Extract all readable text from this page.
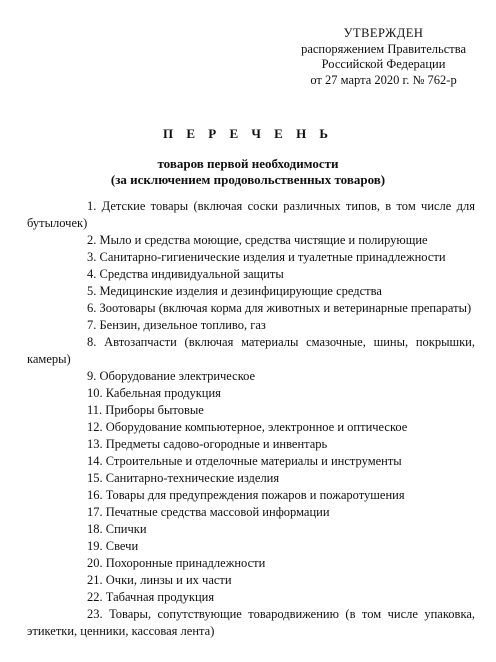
УТВЕРЖДЕН
распоряжением Правительства
Российской Федерации
от 27 марта 2020 г. № 762-р
П Е Р Е Ч Е Н Ь
товаров первой необходимости
(за исключением продовольственных товаров)
1. Детские товары (включая соски различных типов, в том числе для бутылочек)
2. Мыло и средства моющие, средства чистящие и полирующие
3. Санитарно-гигиенические изделия и туалетные принадлежности
4. Средства индивидуальной защиты
5. Медицинские изделия и дезинфицирующие средства
6. Зоотовары (включая корма для животных и ветеринарные препараты)
7. Бензин, дизельное топливо, газ
8. Автозапчасти (включая материалы смазочные, шины, покрышки, камеры)
9. Оборудование электрическое
10. Кабельная продукция
11. Приборы бытовые
12. Оборудование компьютерное, электронное и оптическое
13. Предметы садово-огородные и инвентарь
14. Строительные и отделочные материалы и инструменты
15. Санитарно-технические изделия
16. Товары для предупреждения пожаров и пожаротушения
17. Печатные средства массовой информации
18. Спички
19. Свечи
20. Похоронные принадлежности
21. Очки, линзы и их части
22. Табачная продукция
23. Товары, сопутствующие товародвижению (в том числе упаковка, этикетки, ценники, кассовая лента)
